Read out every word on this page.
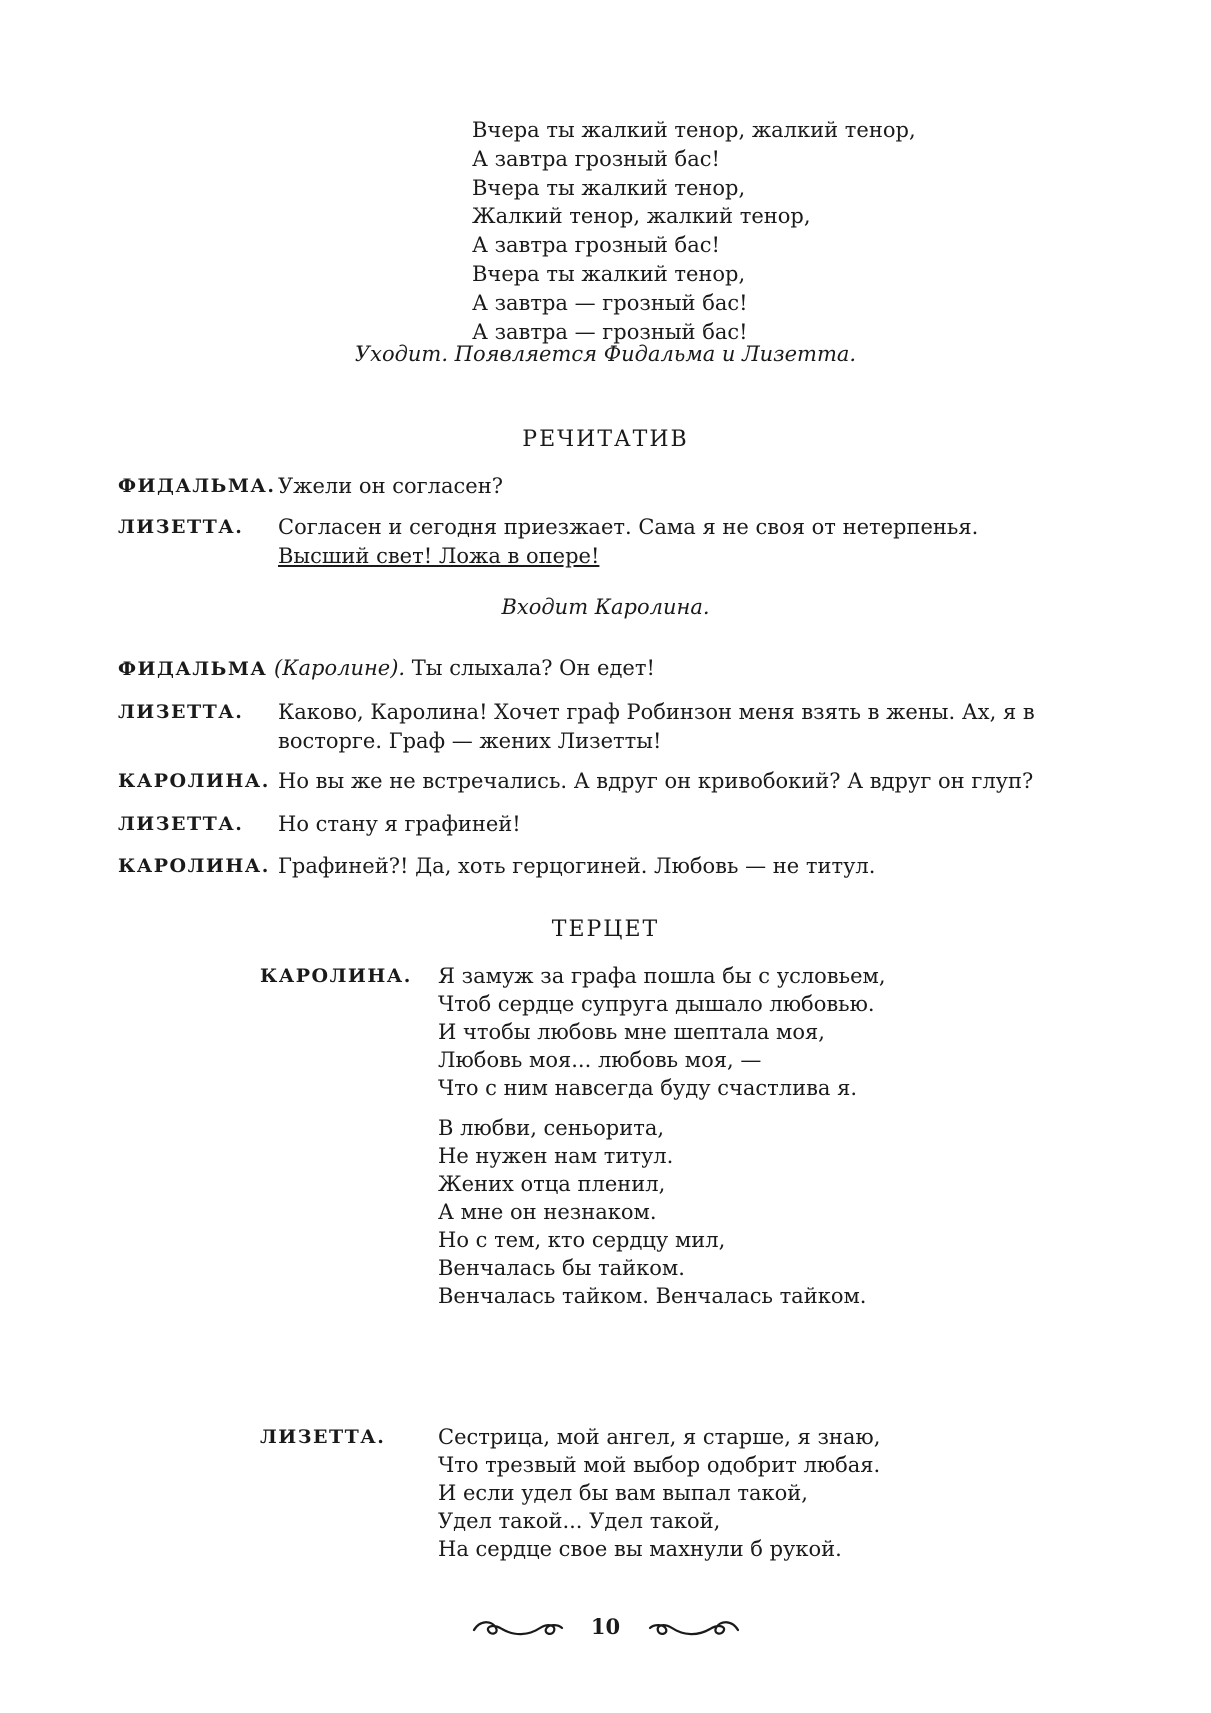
Вчера ты жалкий тенор, жалкий тенор,
А завтра грозный бас!
Вчера ты жалкий тенор,
Жалкий тенор, жалкий тенор,
А завтра грозный бас!
Вчера ты жалкий тенор,
А завтра — грозный бас!
А завтра — грозный бас!
Уходит. Появляется Фидальма и Лизетта.
РЕЧИТАТИВ
ФИДАЛЬМА. Ужели он согласен?
ЛИЗЕТТА. Согласен и сегодня приезжает. Сама я не своя от нетерпенья. Высший свет! Ложа в опере!
Входит Каролина.
ФИДАЛЬМА (Каролине). Ты слыхала? Он едет!
ЛИЗЕТТА. Каково, Каролина! Хочет граф Робинзон меня взять в жены. Ах, я в восторге. Граф — жених Лизетты!
КАРОЛИНА. Но вы же не встречались. А вдруг он кривобокий? А вдруг он глуп?
ЛИЗЕТТА. Но стану я графиней!
КАРОЛИНА. Графиней?! Да, хоть герцогиней. Любовь — не титул.
ТЕРЦЕТ
КАРОЛИНА. Я замуж за графа пошла бы с условьем,
Чтоб сердце супруга дышало любовью.
И чтобы любовь мне шептала моя,
Любовь моя... любовь моя, —
Что с ним навсегда буду счастлива я.
В любви, сеньорита,
Не нужен нам титул.
Жених отца пленил,
А мне он незнаком.
Но с тем, кто сердцу мил,
Венчалась бы тайком.
Венчалась тайком. Венчалась тайком.
ЛИЗЕТТА.	Сестрица, мой ангел, я старше, я знаю,
Что трезвый мой выбор одобрит любая.
И если удел бы вам выпал такой,
Удел такой... Удел такой,
На сердце свое вы махнули б рукой.
10
